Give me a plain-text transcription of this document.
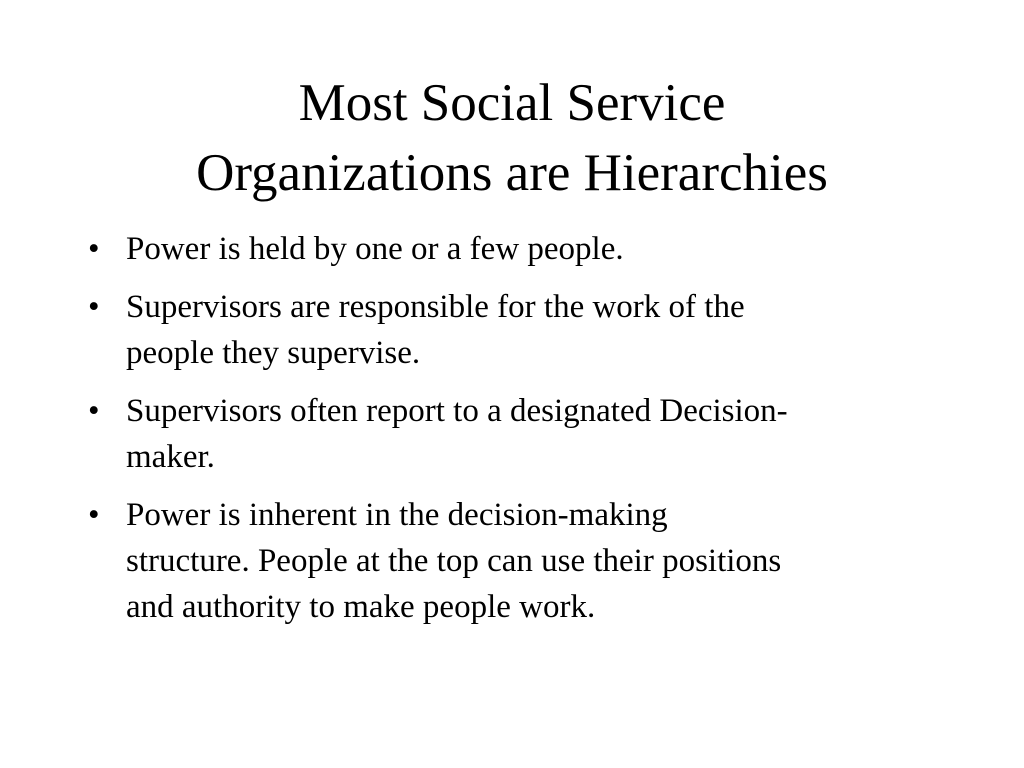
Most Social Service
Organizations are Hierarchies
• Power is held by one or a few people.
• Supervisors are responsible for the work of the
people they supervise.
• Supervisors often report to a designated Decision-
maker.
• Power is inherent in the decision-making
structure. People at the top can use their positions
and authority to make people work.
